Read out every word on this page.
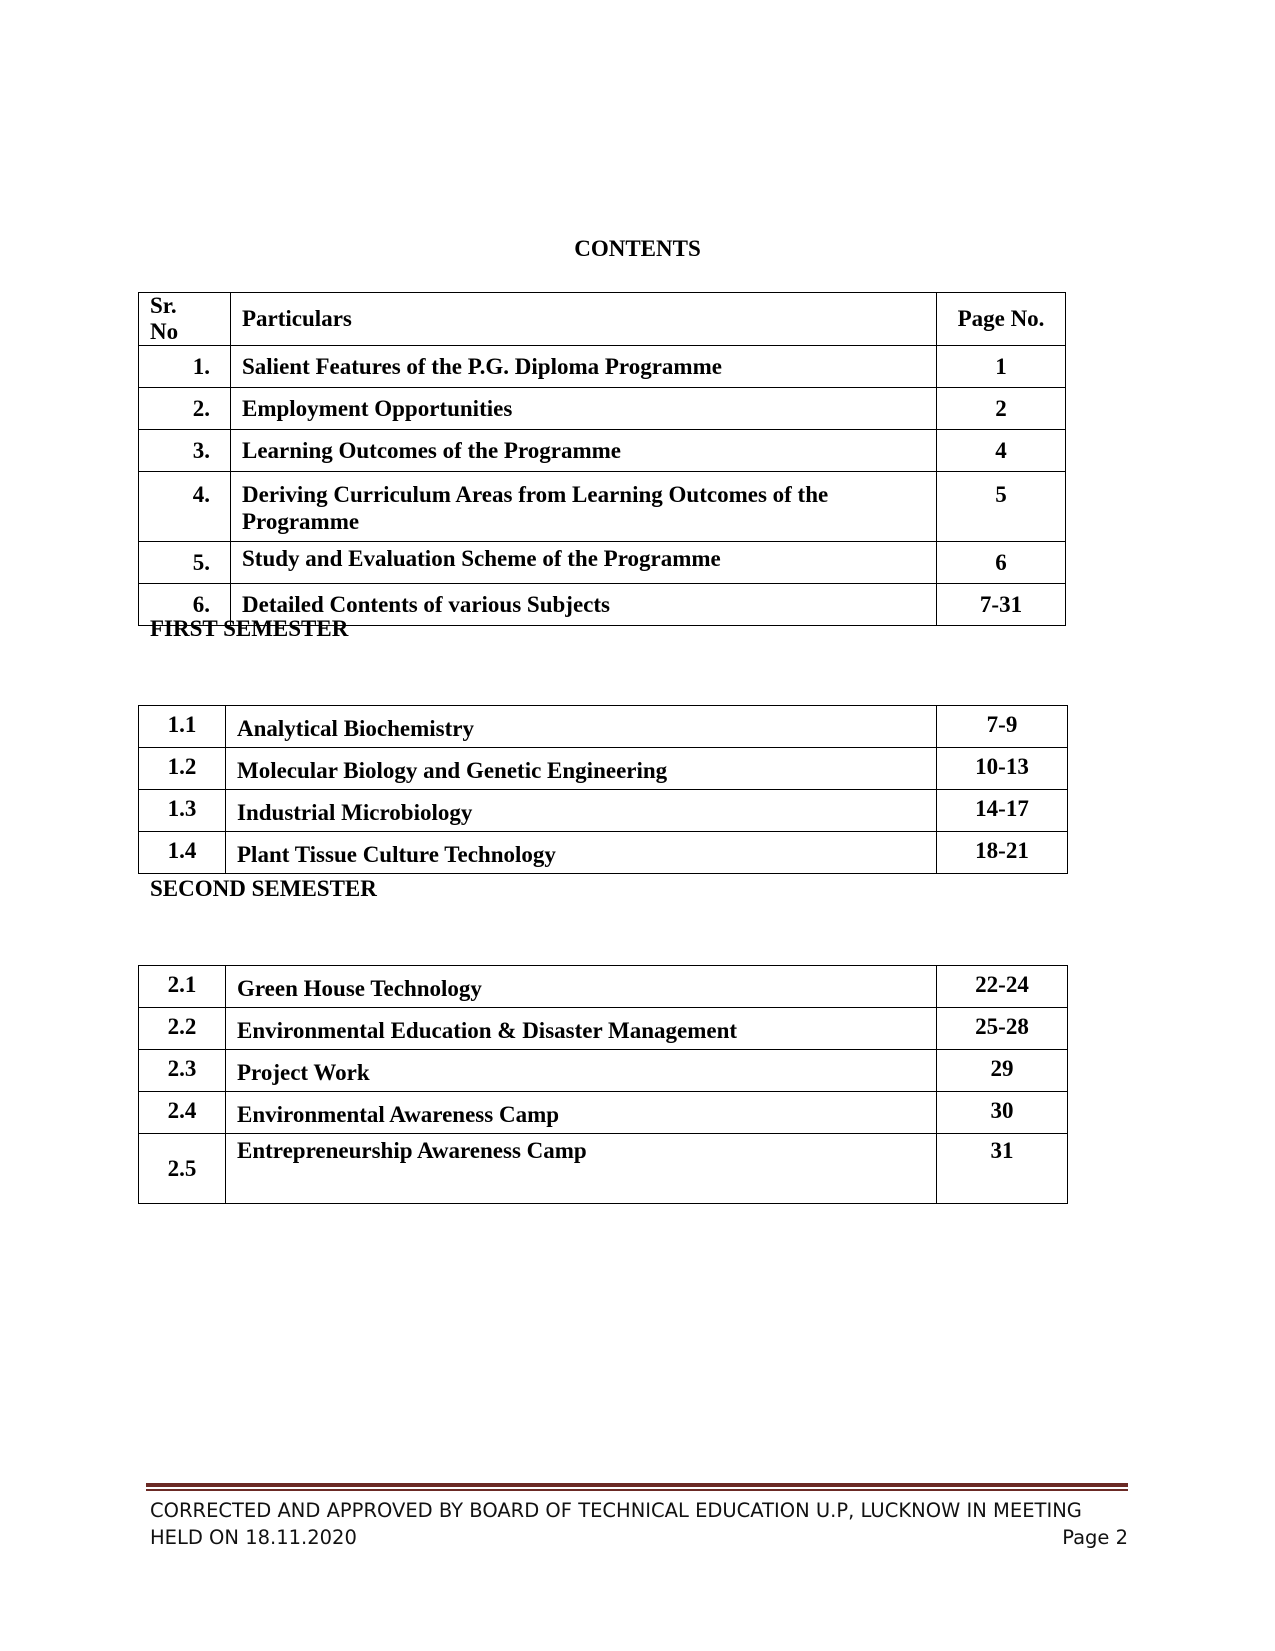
CONTENTS
Sr. No	Particulars	Page No.
1.	Salient Features of the P.G. Diploma Programme	1
2.	Employment Opportunities	2
3.	Learning Outcomes of the Programme	4
4.	Deriving Curriculum Areas from Learning Outcomes of the Programme	5
5.	Study and Evaluation Scheme of the Programme	6
6.	Detailed Contents of various Subjects	7-31
FIRST SEMESTER
1.1	Analytical Biochemistry	7-9
1.2	Molecular Biology and Genetic Engineering	10-13
1.3	Industrial Microbiology	14-17
1.4	Plant Tissue Culture Technology	18-21
SECOND SEMESTER
2.1	Green House Technology	22-24
2.2	Environmental Education & Disaster Management	25-28
2.3	Project Work	29
2.4	Environmental Awareness Camp	30
2.5	Entrepreneurship Awareness Camp	31
CORRECTED AND APPROVED BY BOARD OF TECHNICAL EDUCATION U.P, LUCKNOW IN MEETING
HELD ON 18.11.2020	Page 2
